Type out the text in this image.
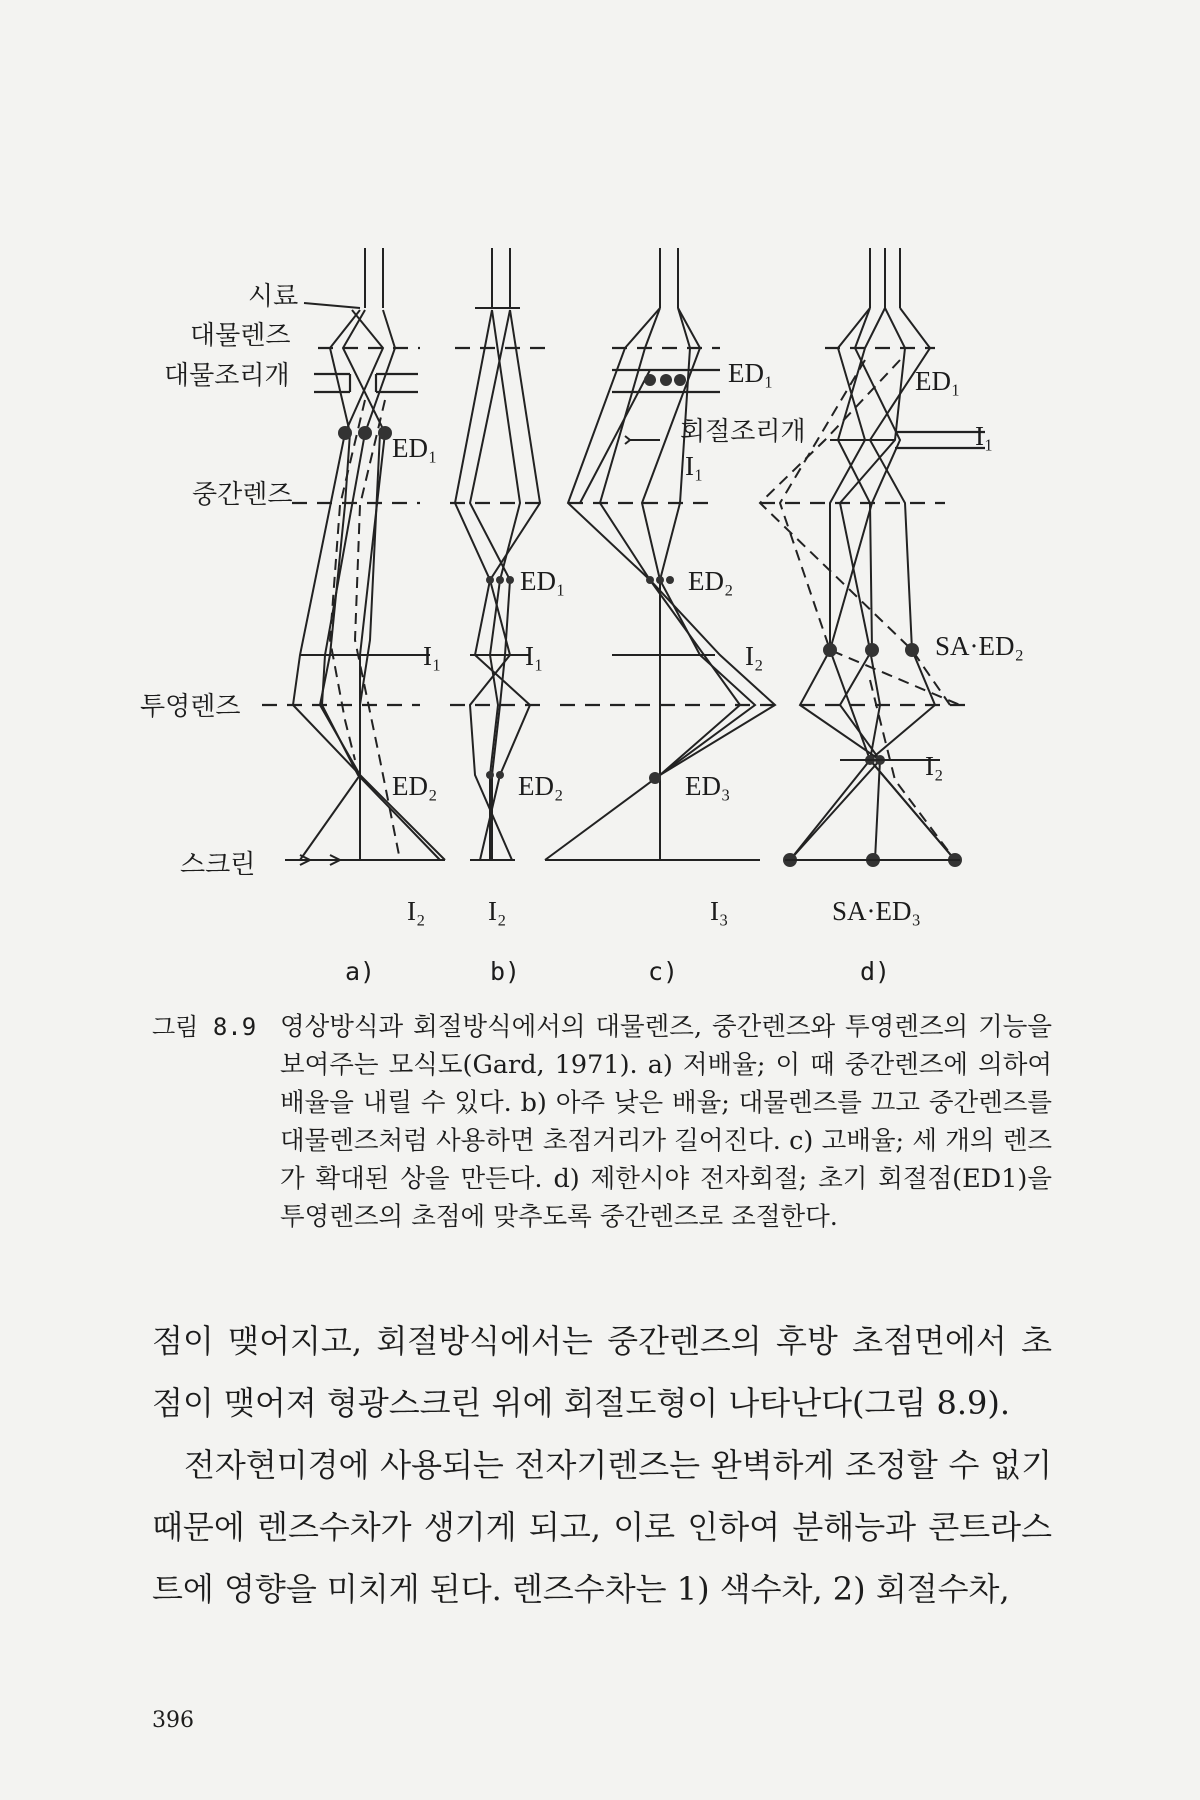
시료
대물렌즈
대물조리개
중간렌즈
투영렌즈
스크린
ED₁
I₁
ED₂
I₂
a)
ED₁
I₁
ED₂
I₂
b)
ED₁
회절조리개
I₁
ED₂
I₂
ED₃
I₃
c)
ED₁
I₁
SA·ED₂
I₂
SA·ED₃
d)
그림 8.9 영상방식과 회절방식에서의 대물렌즈, 중간렌즈와 투영렌즈의 기능을 보여주는 모식도(Gard, 1971). a) 저배율; 이 때 중간렌즈에 의하여 배율을 내릴 수 있다. b) 아주 낮은 배율; 대물렌즈를 끄고 중간렌즈를 대물렌즈처럼 사용하면 초점거리가 길어진다. c) 고배율; 세 개의 렌즈가 확대된 상을 만든다. d) 제한시야 전자회절; 초기 회절점(ED1)을 투영렌즈의 초점에 맞추도록 중간렌즈로 조절한다.

점이 맺어지고, 회절방식에서는 중간렌즈의 후방 초점면에서 초점이 맺어져 형광스크린 위에 회절도형이 나타난다(그림 8.9).

전자현미경에 사용되는 전자기렌즈는 완벽하게 조정할 수 없기 때문에 렌즈수차가 생기게 되고, 이로 인하여 분해능과 콘트라스트에 영향을 미치게 된다. 렌즈수차는 1) 색수차, 2) 회절수차,

396
